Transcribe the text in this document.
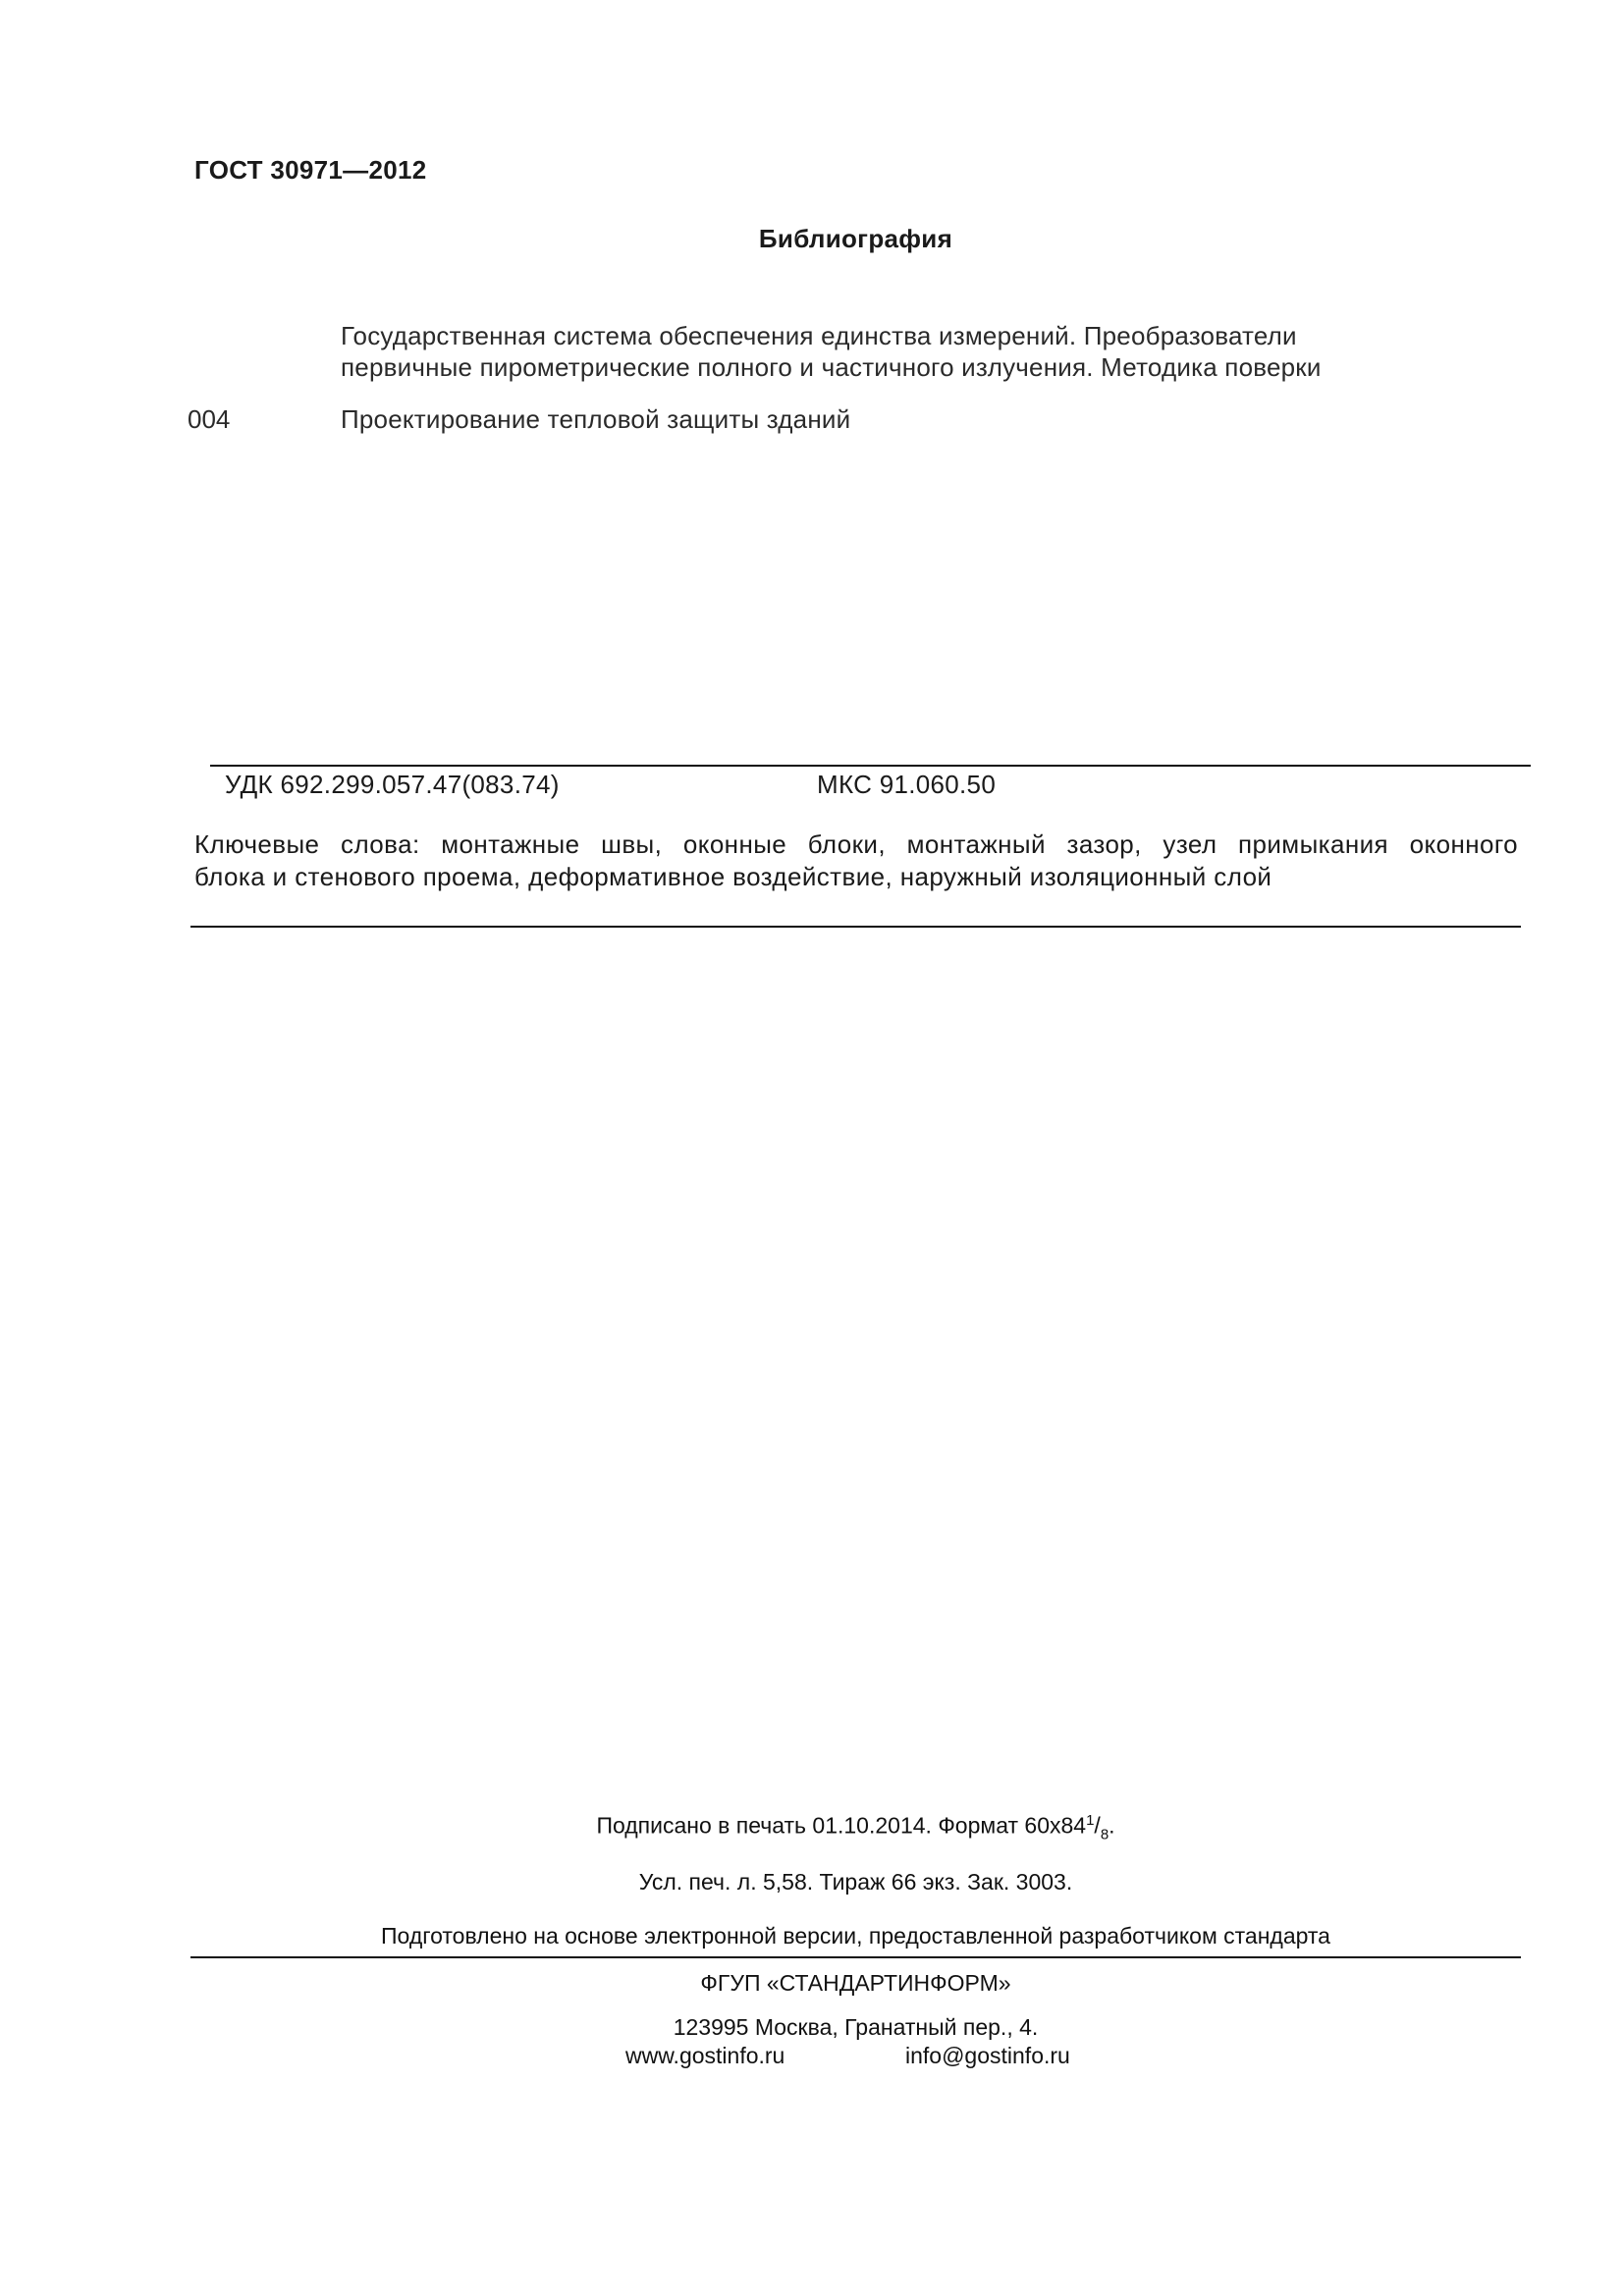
ГОСТ 30971—2012
Библиография
Государственная система обеспечения единства измерений. Преобразователи
первичные пирометрические полного и частичного излучения. Методика поверки
004	Проектирование тепловой защиты зданий
УДК 692.299.057.47(083.74)	МКС 91.060.50
Ключевые слова: монтажные швы, оконные блоки, монтажный зазор, узел примыкания оконного
блока и стенового проема, деформативное воздействие, наружный изоляционный слой
Подписано в печать 01.10.2014. Формат $60x84^1/_8$.
Усл. печ. л. 5,58. Тираж 66 экз. Зак. 3003.
Подготовлено на основе электронной версии, предоставленной разработчиком стандарта
ФГУП «СТАНДАРТИНФОРМ»
123995 Москва, Гранатный пер., 4.
www.gostinfo.ru	info@gostinfo.ru
